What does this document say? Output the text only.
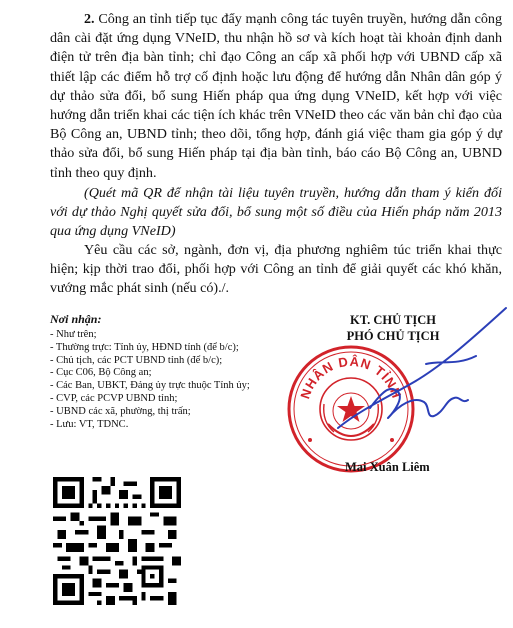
2. Công an tỉnh tiếp tục đẩy mạnh công tác tuyên truyền, hướng dẫn công dân cài đặt ứng dụng VNeID, thu nhận hồ sơ và kích hoạt tài khoản định danh điện tử trên địa bàn tỉnh; chỉ đạo Công an cấp xã phối hợp với UBND cấp xã thiết lập các điểm hỗ trợ cố định hoặc lưu động để hướng dẫn Nhân dân góp ý dự thảo sửa đổi, bổ sung Hiến pháp qua ứng dụng VNeID, kết hợp với việc hướng dẫn triển khai các tiện ích khác trên VNeID theo các văn bản chỉ đạo của Bộ Công an, UBND tỉnh; theo dõi, tổng hợp, đánh giá việc tham gia góp ý dự thảo sửa đổi, bổ sung Hiến pháp tại địa bàn tỉnh, báo cáo Bộ Công an, UBND tỉnh theo quy định.

(Quét mã QR để nhận tài liệu tuyên truyền, hướng dẫn tham ý kiến đối với dự thảo Nghị quyết sửa đổi, bổ sung một số điều của Hiến pháp năm 2013 qua ứng dụng VNeID)

Yêu cầu các sở, ngành, đơn vị, địa phương nghiêm túc triển khai thực hiện; kịp thời trao đổi, phối hợp với Công an tỉnh để giải quyết các khó khăn, vướng mắc phát sinh (nếu có)./.

Nơi nhận:

- Như trên;
- Thường trực: Tỉnh ủy, HĐND tỉnh (để b/c);
- Chủ tịch, các PCT UBND tỉnh (để b/c);
- Cục C06, Bộ Công an;
- Các Ban, UBKT, Đảng ủy trực thuộc Tỉnh ủy;
- CVP, các PCVP UBND tỉnh;
- UBND các xã, phường, thị trấn;
- Lưu: VT, TDNC.
KT. CHỦ TỊCH
PHÓ CHỦ TỊCH
NHÂN DÂN TỈNH
Mai Xuân Liêm
